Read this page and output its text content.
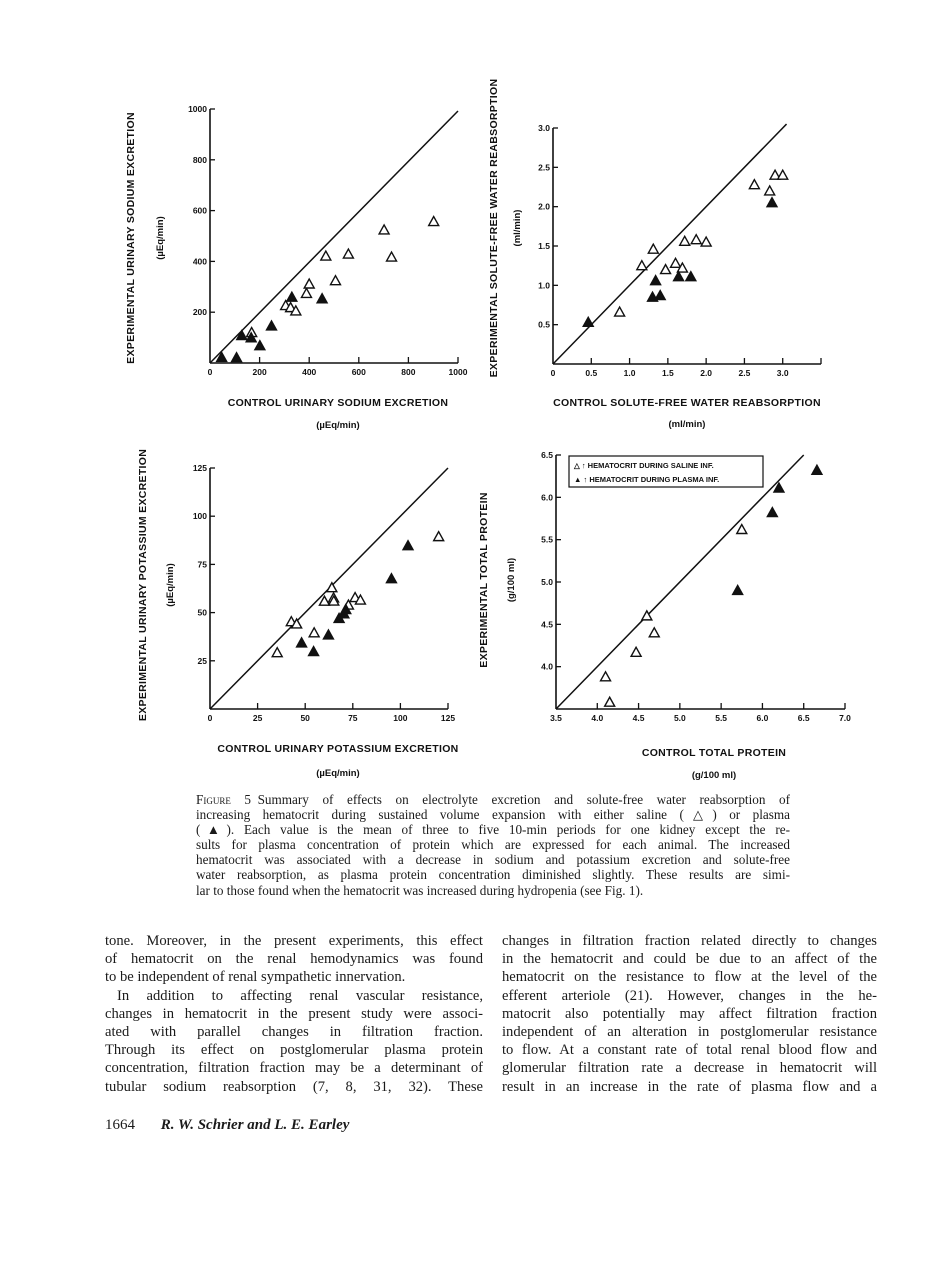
0	200	400	600	800	1000
200
400
600
800
1000
CONTROL URINARY SODIUM EXCRETION
(µEq/min)
EXPERIMENTAL URINARY SODIUM EXCRETION (µEq/min)
0	0.5	1.0	1.5	2.0	2.5	3.0
0.5
1.0
1.5
2.0
2.5
3.0
CONTROL SOLUTE-FREE WATER REABSORPTION
(ml/min)
EXPERIMENTAL SOLUTE-FREE WATER REABSORPTION (ml/min)
0	25	50	75	100	125
25
50
75
100
125
CONTROL URINARY POTASSIUM EXCRETION
(µEq/min)
EXPERIMENTAL URINARY POTASSIUM EXCRETION (µEq/min)
3.5	4.0	4.5	5.0	5.5	6.0	6.5	7.0
4.0
4.5
5.0
5.5
6.0
6.5
CONTROL TOTAL PROTEIN
(g/100 ml)
EXPERIMENTAL TOTAL PROTEIN (g/100 ml)
△ ↑ HEMATOCRIT DURING SALINE INF.
▲ ↑ HEMATOCRIT DURING PLASMA INF.
Figure 5 Summary of effects on electrolyte excretion and solute-free water reabsorption of
increasing hematocrit during sustained volume expansion with either saline (△) or plasma
(▲). Each value is the mean of three to five 10-min periods for one kidney except the re-
sults for plasma concentration of protein which are expressed for each animal. The increased
hematocrit was associated with a decrease in sodium and potassium excretion and solute-free
water reabsorption, as plasma protein concentration diminished slightly. These results are simi-
lar to those found when the hematocrit was increased during hydropenia (see Fig. 1).
tone. Moreover, in the present experiments, this effect
of hematocrit on the renal hemodynamics was found
to be independent of renal sympathetic innervation.
In addition to affecting renal vascular resistance,
changes in hematocrit in the present study were associ-
ated with parallel changes in filtration fraction.
Through its effect on postglomerular plasma protein
concentration, filtration fraction may be a determinant of
tubular sodium reabsorption (7, 8, 31, 32). These
changes in filtration fraction related directly to changes
in the hematocrit and could be due to an affect of the
hematocrit on the resistance to flow at the level of the
efferent arteriole (21). However, changes in the he-
matocrit also potentially may affect filtration fraction
independent of an alteration in postglomerular resistance
to flow. At a constant rate of total renal blood flow and
glomerular filtration rate a decrease in hematocrit will
result in an increase in the rate of plasma flow and a
1664 R. W. Schrier and L. E. Earley
